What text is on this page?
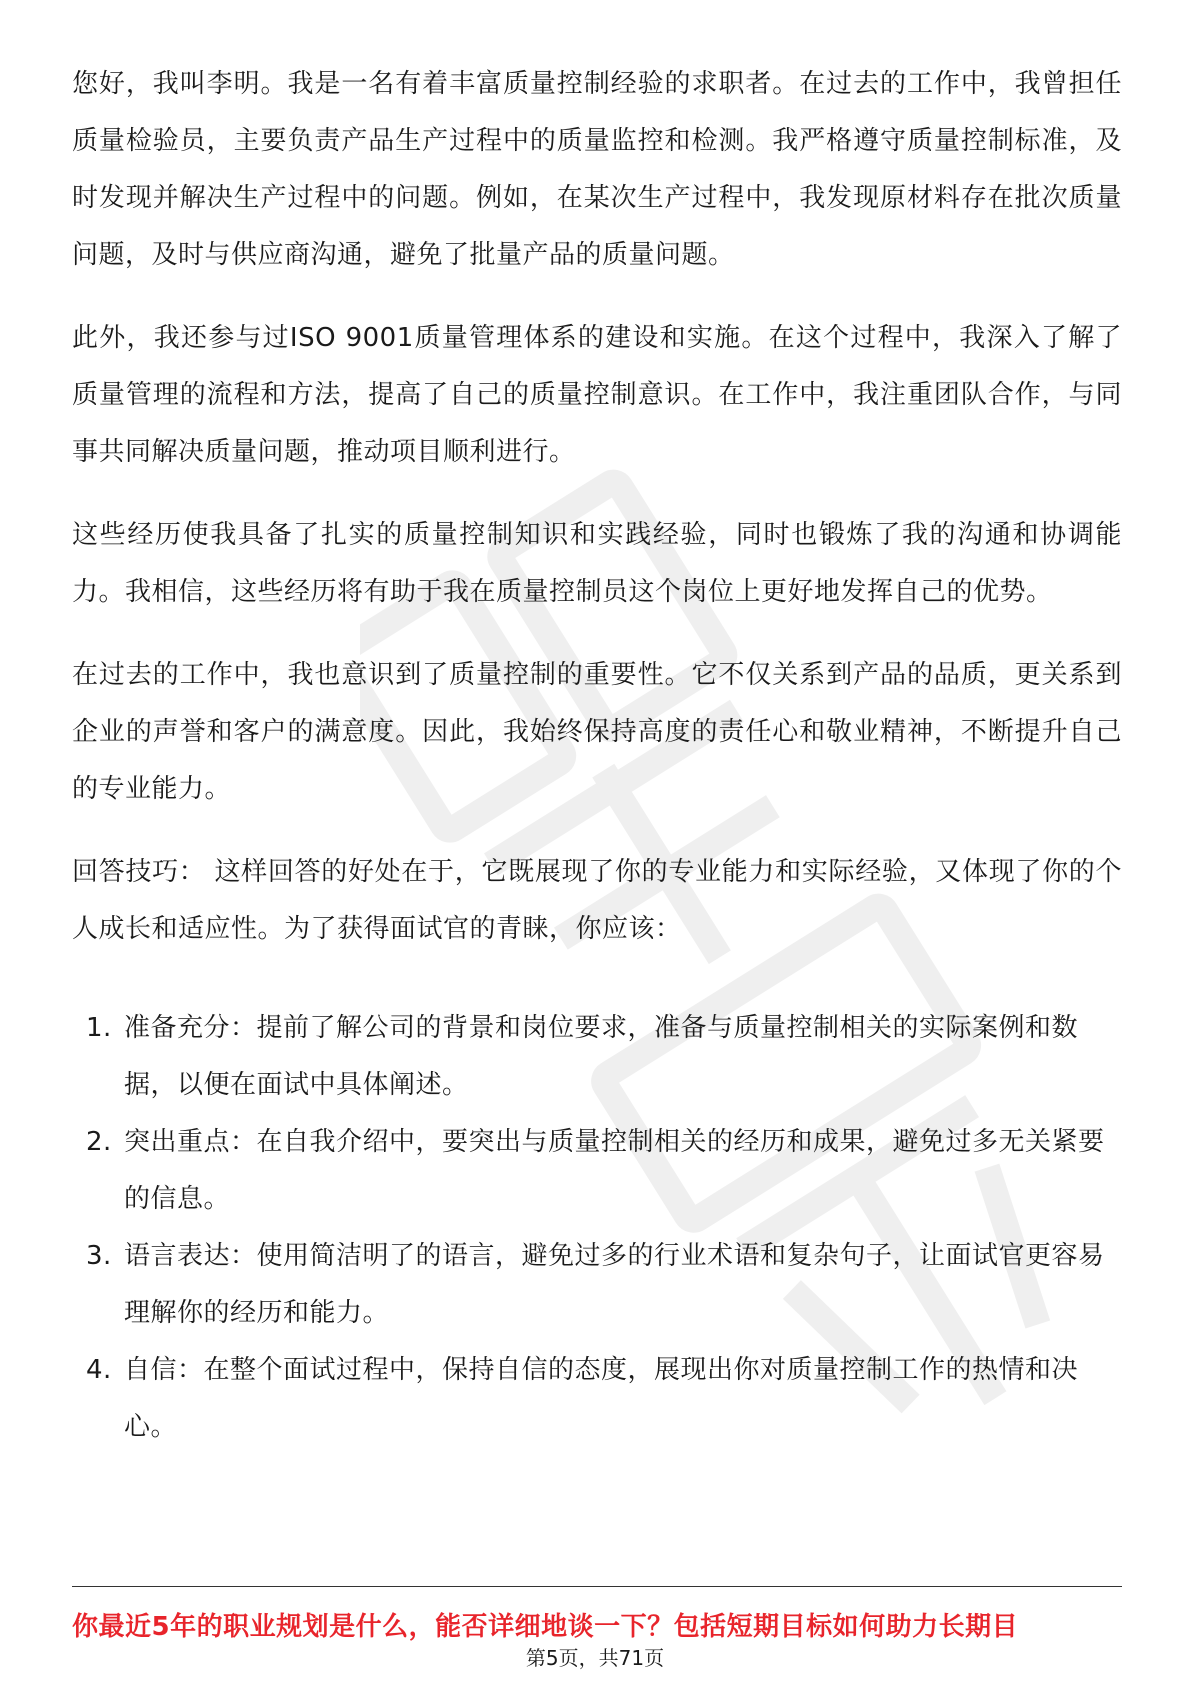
您好，我叫李明。我是一名有着丰富质量控制经验的求职者。在过去的工作中，我曾担任质量检验员，主要负责产品生产过程中的质量监控和检测。我严格遵守质量控制标准，及时发现并解决生产过程中的问题。例如，在某次生产过程中，我发现原材料存在批次质量问题，及时与供应商沟通，避免了批量产品的质量问题。

此外，我还参与过ISO 9001质量管理体系的建设和实施。在这个过程中，我深入了解了质量管理的流程和方法，提高了自己的质量控制意识。在工作中，我注重团队合作，与同事共同解决质量问题，推动项目顺利进行。

这些经历使我具备了扎实的质量控制知识和实践经验，同时也锻炼了我的沟通和协调能力。我相信，这些经历将有助于我在质量控制员这个岗位上更好地发挥自己的优势。

在过去的工作中，我也意识到了质量控制的重要性。它不仅关系到产品的品质，更关系到企业的声誉和客户的满意度。因此，我始终保持高度的责任心和敬业精神，不断提升自己的专业能力。

回答技巧： 这样回答的好处在于，它既展现了你的专业能力和实际经验，又体现了你的个人成长和适应性。为了获得面试官的青睐，你应该：

1. 准备充分：提前了解公司的背景和岗位要求，准备与质量控制相关的实际案例和数据，以便在面试中具体阐述。
2. 突出重点：在自我介绍中，要突出与质量控制相关的经历和成果，避免过多无关紧要的信息。
3. 语言表达：使用简洁明了的语言，避免过多的行业术语和复杂句子，让面试官更容易理解你的经历和能力。
4. 自信：在整个面试过程中，保持自信的态度，展现出你对质量控制工作的热情和决心。
你最近5年的职业规划是什么，能否详细地谈一下？包括短期目标如何助力长期目
第5页，共71页
